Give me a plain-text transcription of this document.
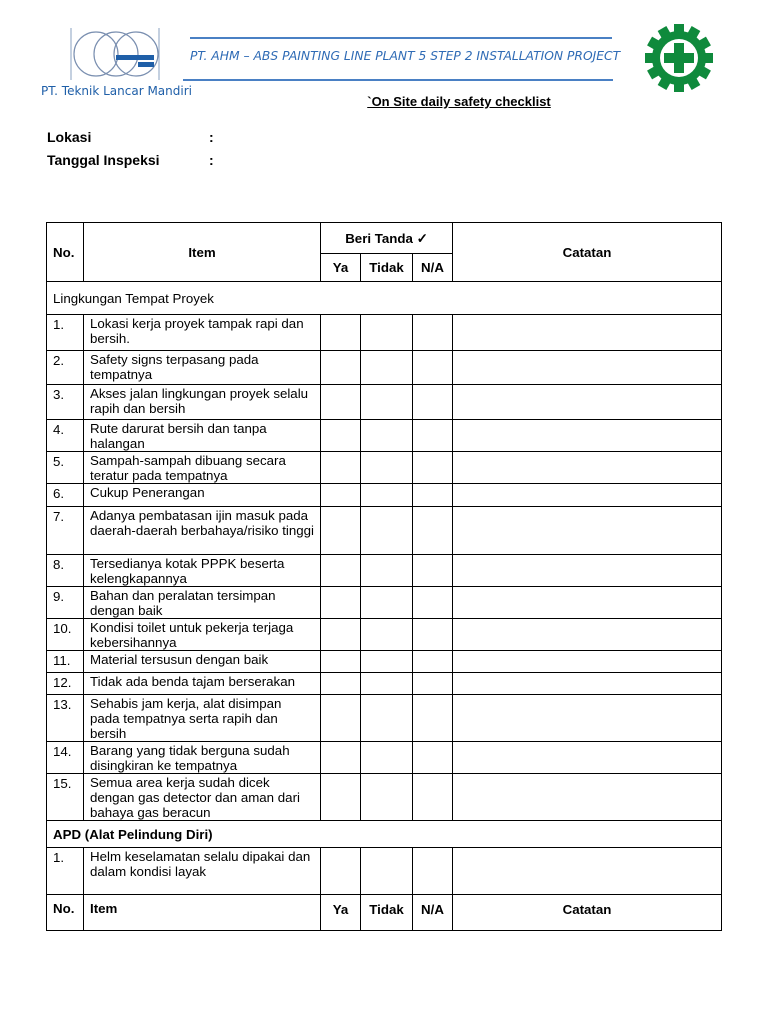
PT. Teknik Lancar Mandiri
PT. AHM – ABS PAINTING LINE PLANT 5 STEP 2 INSTALLATION PROJECT
`On Site daily safety checklist
Lokasi	:
Tanggal Inspeksi	:
No.	Item	Beri Tanda ✓			Catatan
		Ya	Tidak	N/A	
Lingkungan Tempat Proyek					
1.	Lokasi kerja proyek tampak rapi dan bersih.				
2.	Safety signs terpasang pada tempatnya				
3.	Akses jalan lingkungan proyek selalu rapih dan bersih				
4.	Rute darurat bersih dan tanpa halangan				
5.	Sampah-sampah dibuang secara teratur pada tempatnya				
6.	Cukup Penerangan				
7.	Adanya pembatasan ijin masuk pada daerah-daerah berbahaya/risiko tinggi				
8.	Tersedianya kotak PPPK beserta kelengkapannya				
9.	Bahan dan peralatan tersimpan dengan baik				
10.	Kondisi toilet untuk pekerja terjaga kebersihannya				
11.	Material tersusun dengan baik				
12.	Tidak ada benda tajam berserakan				
13.	Sehabis jam kerja, alat disimpan pada tempatnya serta rapih dan bersih				
14.	Barang yang tidak berguna sudah disingkiran ke tempatnya				
15.	Semua area kerja sudah dicek dengan gas detector dan aman dari bahaya gas beracun				
APD (Alat Pelindung Diri)					
1.	Helm keselamatan selalu dipakai dan dalam kondisi layak				
No.	Item	Ya	Tidak	N/A	Catatan
